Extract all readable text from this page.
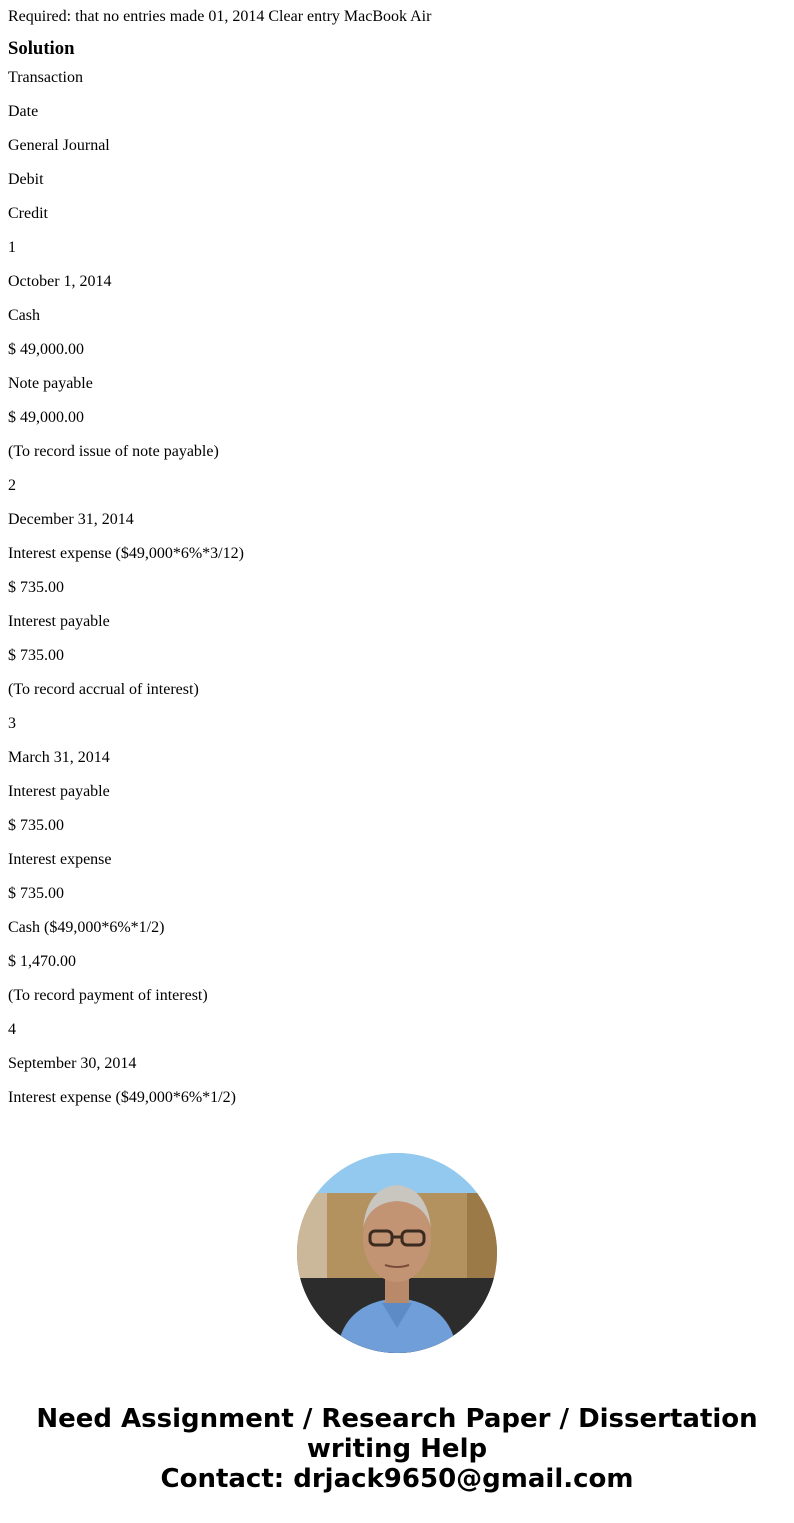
Required: that no entries made 01, 2014 Clear entry MacBook Air

Solution

Transaction

Date

General Journal

Debit

Credit

1

October 1, 2014

Cash

$ 49,000.00

Note payable

$ 49,000.00

(To record issue of note payable)

2

December 31, 2014

Interest expense ($49,000*6%*3/12)

$ 735.00

Interest payable

$ 735.00

(To record accrual of interest)

3

March 31, 2014

Interest payable

$ 735.00

Interest expense

$ 735.00

Cash ($49,000*6%*1/2)

$ 1,470.00

(To record payment of interest)

4

September 30, 2014

Interest expense ($49,000*6%*1/2)

Need Assignment / Research Paper / Dissertation
writing Help
Contact: drjack9650@gmail.com
